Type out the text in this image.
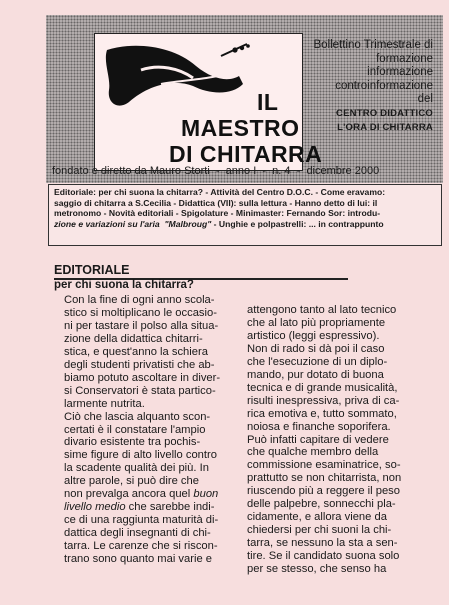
IL
MAESTRO
DI CHITARRA
Bollettino Trimestrale di
formazione
informazione
controinformazione
del
CENTRO DIDATTICO
L'ORA DI CHITARRA
fondato e diretto da Mauro Storti  -  anno I  -  n. 4  -  dicembre 2000
Editoriale: per chi suona la chitarra? - Attività del Centro D.O.C. - Come eravamo:
saggio di chitarra a S.Cecilia - Didattica (VII): sulla lettura - Hanno detto di lui: il
metronomo - Novità editoriali - Spigolature - Minimaster: Fernando Sor: introdu-
zione e variazioni su l'aria "Malbroug" - Unghie e polpastrelli: ... in contrappunto
EDITORIALE
per chi suona la chitarra?
Con la fine di ogni anno scola-
stico si moltiplicano le occasio-
ni per tastare il polso alla situa-
zione della didattica chitarri-
stica, e quest'anno la schiera
degli studenti privatisti che ab-
biamo potuto ascoltare in diver-
si Conservatori è stata partico-
larmente nutrita.
Ciò che lascia alquanto scon-
certati è il constatare l'ampio
divario esistente tra pochis-
sime figure di alto livello contro
la scadente qualità dei più. In
altre parole, si può dire che
non prevalga ancora quel buon
livello medio che sarebbe indi-
ce di una raggiunta maturità di-
dattica degli insegnanti di chi-
tarra. Le carenze che si riscon-
trano sono quanto mai varie e
attengono tanto al lato tecnico
che al lato più propriamente
artistico (leggi espressivo).
Non di rado si dà poi il caso
che l'esecuzione di un diplo-
mando, pur dotato di buona
tecnica e di grande musicalità,
risulti inespressiva, priva di ca-
rica emotiva e, tutto sommato,
noiosa e finanche soporifera.
Può infatti capitare di vedere
che qualche membro della
commissione esaminatrice, so-
prattutto se non chitarrista, non
riuscendo più a reggere il peso
delle palpebre, sonnecchi pla-
cidamente, e allora viene da
chiedersi per chi suoni la chi-
tarra, se nessuno la sta a sen-
tire. Se il candidato suona solo
per se stesso, che senso ha
